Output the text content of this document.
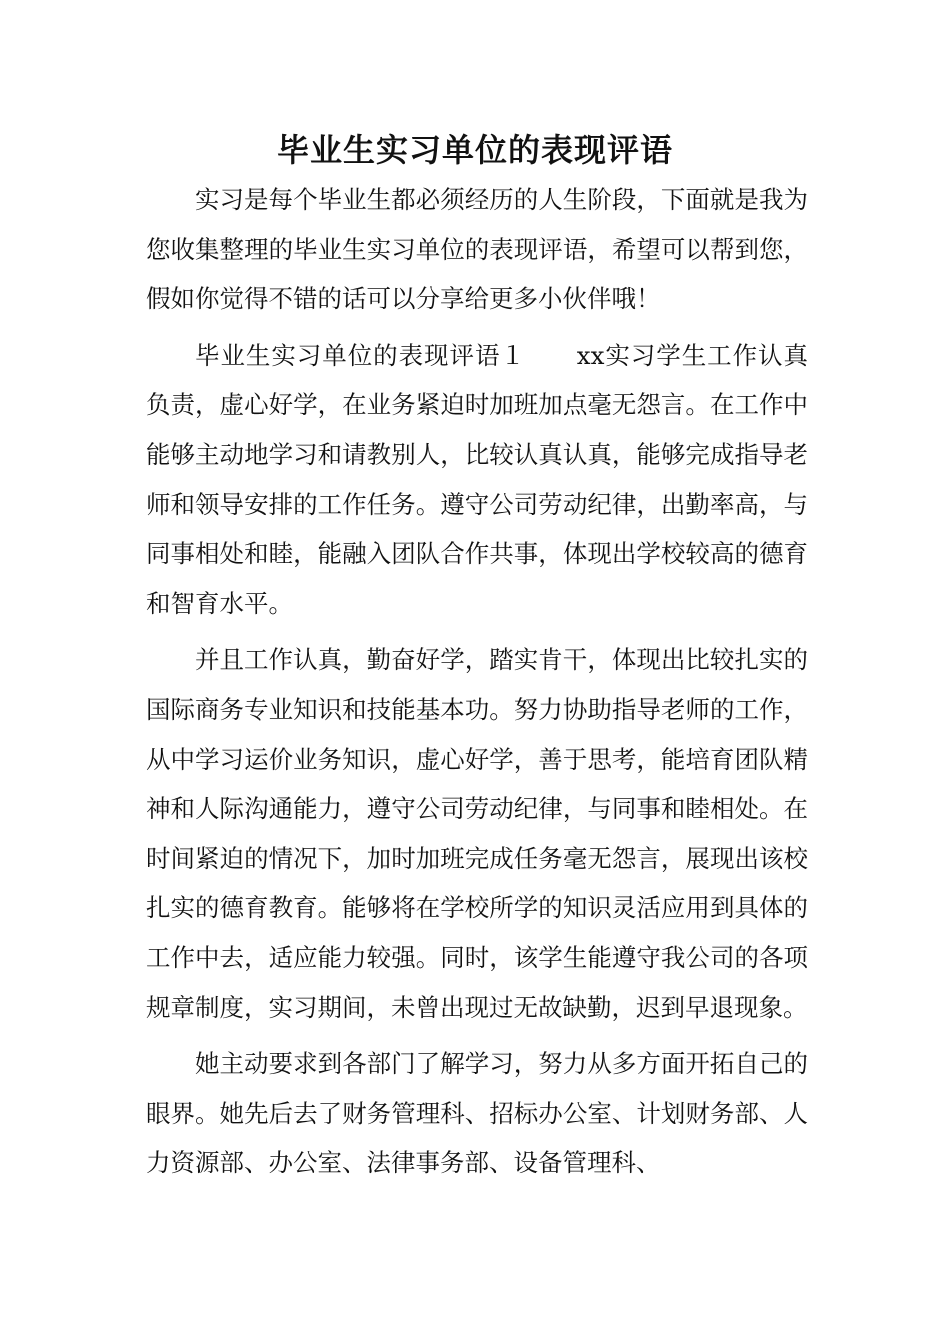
毕业生实习单位的表现评语

实习是每个毕业生都必须经历的人生阶段，下面就是我为您收集整理的毕业生实习单位的表现评语，希望可以帮到您，假如你觉得不错的话可以分享给更多小伙伴哦！

毕业生实习单位的表现评语１　　xx实习学生工作认真负责，虚心好学，在业务紧迫时加班加点毫无怨言。在工作中能够主动地学习和请教别人，比较认真认真，能够完成指导老师和领导安排的工作任务。遵守公司劳动纪律，出勤率高，与同事相处和睦，能融入团队合作共事，体现出学校较高的德育和智育水平。

并且工作认真，勤奋好学，踏实肯干，体现出比较扎实的国际商务专业知识和技能基本功。努力协助指导老师的工作，从中学习运价业务知识，虚心好学，善于思考，能培育团队精神和人际沟通能力，遵守公司劳动纪律，与同事和睦相处。在时间紧迫的情况下，加时加班完成任务毫无怨言，展现出该校扎实的德育教育。能够将在学校所学的知识灵活应用到具体的工作中去，适应能力较强。同时，该学生能遵守我公司的各项规章制度，实习期间，未曾出现过无故缺勤，迟到早退现象。

她主动要求到各部门了解学习，努力从多方面开拓自己的眼界。她先后去了财务管理科、招标办公室、计划财务部、人力资源部、办公室、法律事务部、设备管理科、
